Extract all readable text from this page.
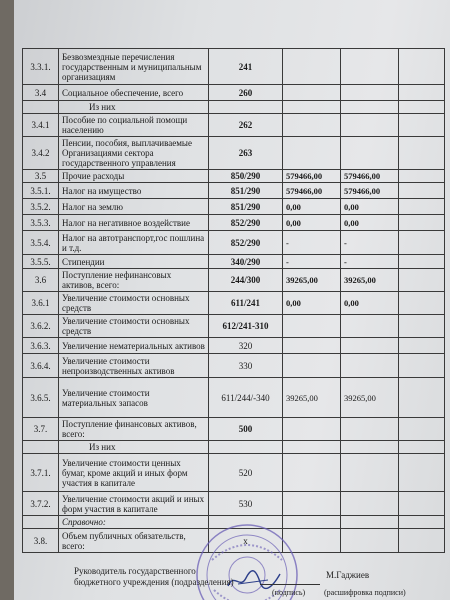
3.3.1.	Безвозмездные перечисления государственным и муниципальным организациям	241			
3.4	Социальное обеспечение, всего	260			
	Из них				
3.4.1	Пособие по социальной помощи населению	262			
3.4.2	Пенсии, пособия, выплачиваемые Организациями сектора государственного управления	263			
3.5	Прочие расходы	850/290	579466,00	579466,00	
3.5.1.	Налог на имущество	851/290	579466,00	579466,00	
3.5.2.	Налог на землю	851/290	0,00	0,00	
3.5.3.	Налог на негативное воздействие	852/290	0,00	0,00	
3.5.4.	Налог на автотранспорт,гос пошлина и т.д.	852/290	-	-	
3.5.5.	Стипендии	340/290	-	-	
3.6	Поступление нефинансовых активов, всего:	244/300	39265,00	39265,00	
3.6.1	Увеличение стоимости основных средств	611/241	0,00	0,00	
3.6.2.	Увеличение стоимости основных средств	612/241-310			
3.6.3.	Увеличение нематериальных активов	320			
3.6.4.	Увеличение стоимости непроизводственных активов	330			
3.6.5.	Увеличение стоимости материальных запасов	611/244/-340	39265,00	39265,00	
3.7.	Поступление финансовых активов, всего:	500			
	Из них				
3.7.1.	Увеличение стоимости ценных бумаг, кроме акций и иных форм участия в капитале	520			
3.7.2.	Увеличение стоимости акций и иных форм участия в капитале	530			
	Справочно:				
3.8.	Объем публичных обязательств, всего:	x			
Руководитель государственного
бюджетного учреждения (подразделения)
(подпись)
М.Гаджиев
(расшифровка подписи)
